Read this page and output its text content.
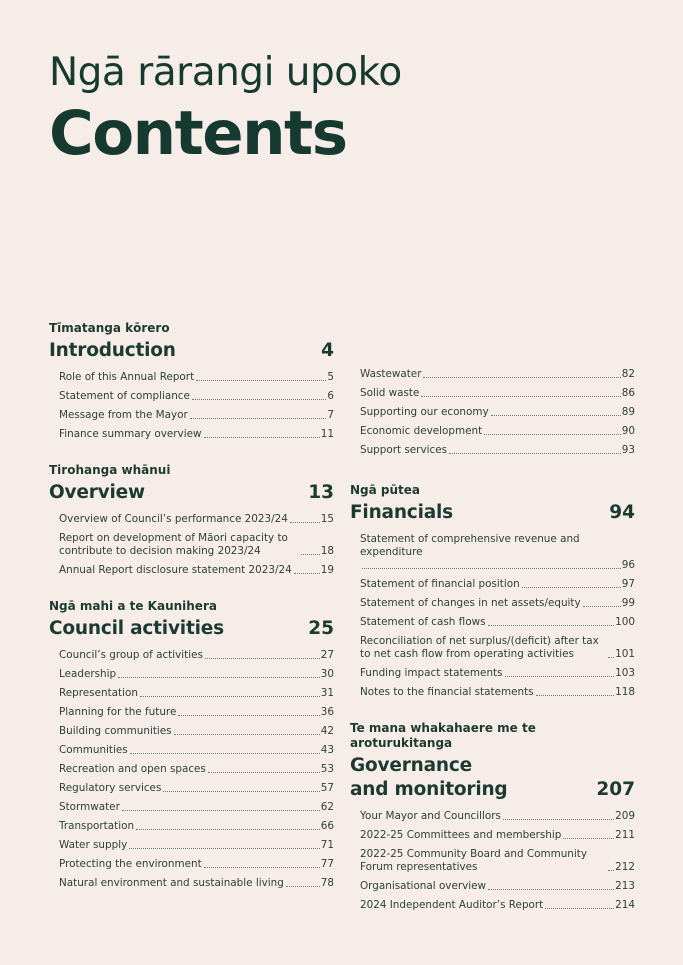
Ngā rārangi upoko
Contents
Tīmatanga kōrero
Introduction	4
Role of this Annual Report	5
Statement of compliance	6
Message from the Mayor	7
Finance summary overview	11
Tirohanga whānui
Overview	13
Overview of Council’s performance 2023/24	15
Report on development of Māori capacity to contribute to decision making 2023/24	18
Annual Report disclosure statement 2023/24	19
Ngā mahi a te Kaunihera
Council activities	25
Council’s group of activities	27
Leadership	30
Representation	31
Planning for the future	36
Building communities	42
Communities	43
Recreation and open spaces	53
Regulatory services	57
Stormwater	62
Transportation	66
Water supply	71
Protecting the environment	77
Natural environment and sustainable living	78
Wastewater	82
Solid waste	86
Supporting our economy	89
Economic development	90
Support services	93
Ngā pūtea
Financials	94
Statement of comprehensive revenue and expenditure
96
Statement of financial position	97
Statement of changes in net assets/equity	99
Statement of cash flows	100
Reconciliation of net surplus/(deficit) after tax to net cash flow from operating activities	101
Funding impact statements	103
Notes to the financial statements	118
Te mana whakahaere me te aroturukitanga
Governance
and monitoring	207
Your Mayor and Councillors	209
2022-25 Committees and membership	211
2022-25 Community Board and Community Forum representatives	212
Organisational overview	213
2024 Independent Auditor’s Report	214
